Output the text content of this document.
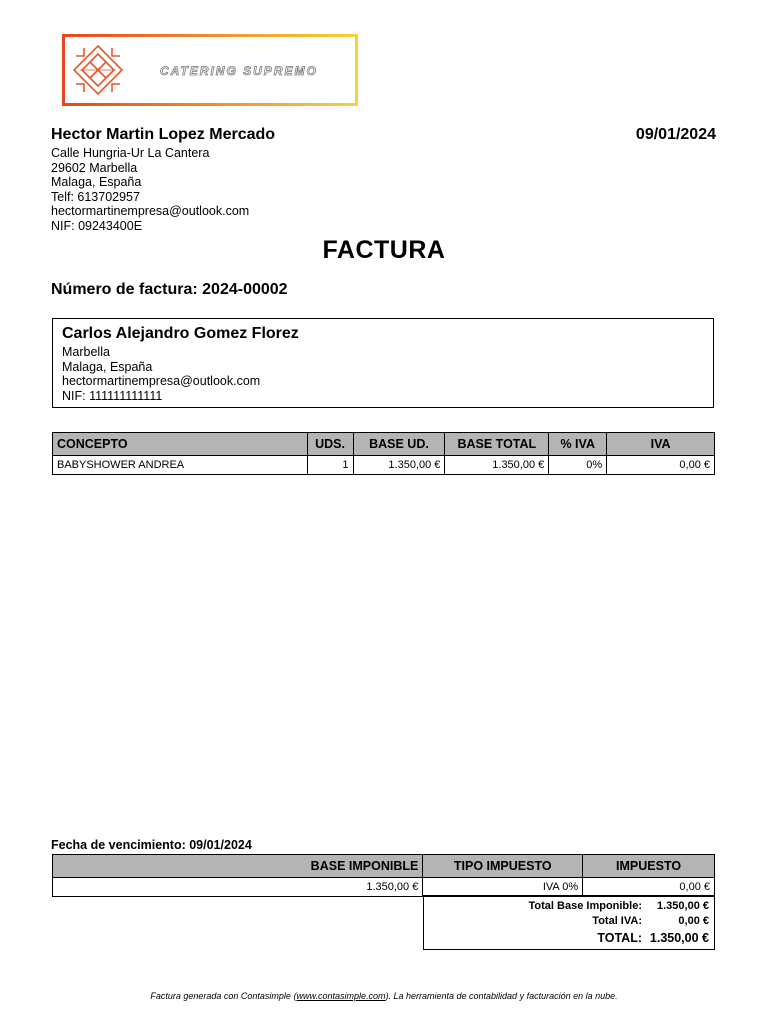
CATERING SUPREMO
Hector Martin Lopez Mercado	09/01/2024
Calle Hungria-Ur La Cantera
29602 Marbella
Malaga, España
Telf: 613702957
hectormartinempresa@outlook.com
NIF: 09243400E
FACTURA
Número de factura: 2024-00002
Carlos Alejandro Gomez Florez
Marbella
Malaga, España
hectormartinempresa@outlook.com
NIF: 111111111111
CONCEPTO	UDS.	BASE UD.	BASE TOTAL	% IVA	IVA
BABYSHOWER ANDREA	1	1.350,00 €	1.350,00 €	0%	0,00 €
Fecha de vencimiento: 09/01/2024
BASE IMPONIBLE	TIPO IMPUESTO	IMPUESTO
1.350,00 €	IVA 0%	0,00 €
Total Base Imponible: 1.350,00 €
Total IVA:	0,00 €
TOTAL: 1.350,00 €
Factura generada con Contasimple (www.contasimple.com). La herramienta de contabilidad y facturación en la nube.
